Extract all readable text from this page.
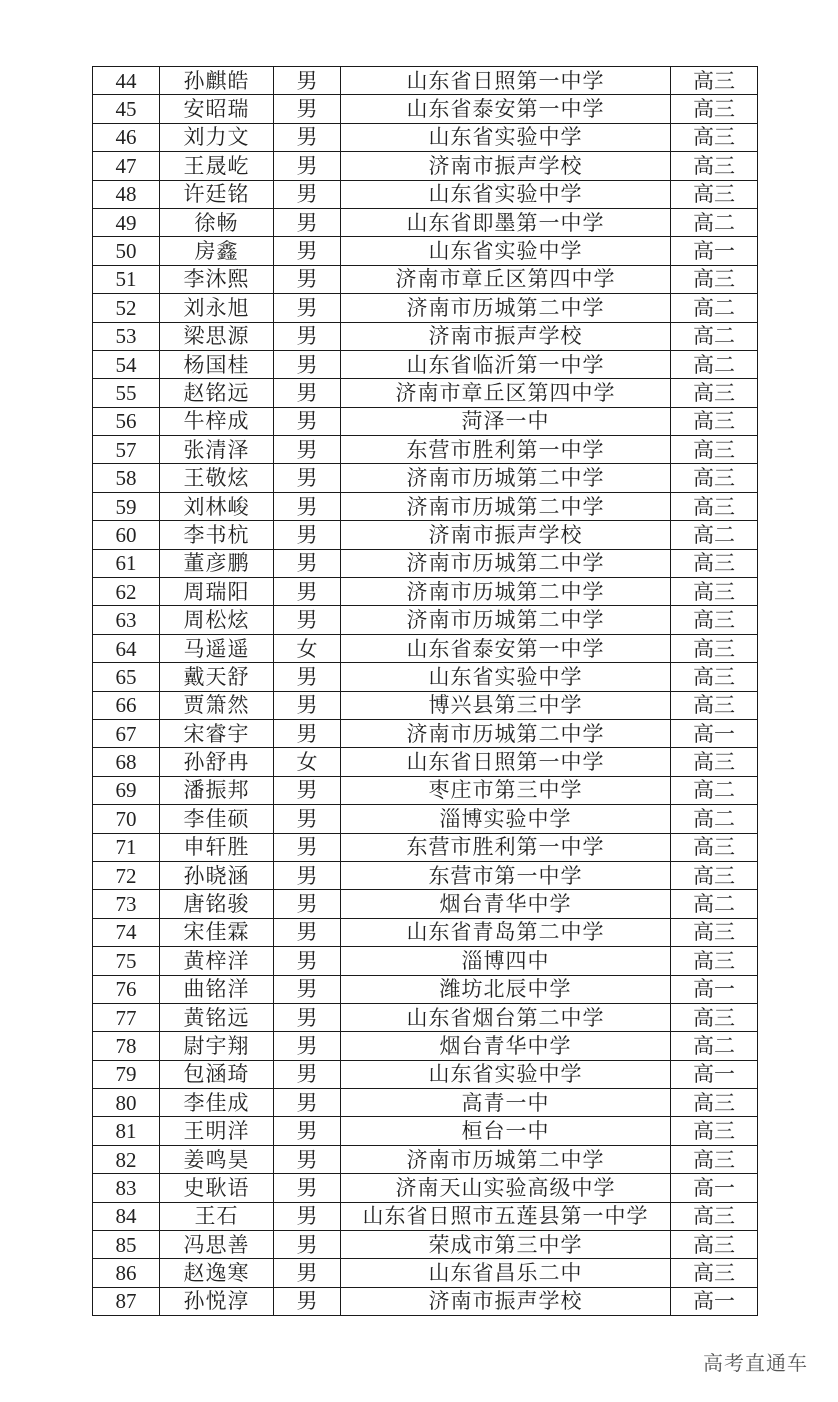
44	孙麒皓	男	山东省日照第一中学	高三
45	安昭瑞	男	山东省泰安第一中学	高三
46	刘力文	男	山东省实验中学	高三
47	王晟屹	男	济南市振声学校	高三
48	许廷铭	男	山东省实验中学	高三
49	徐畅	男	山东省即墨第一中学	高二
50	房鑫	男	山东省实验中学	高一
51	李沐熙	男	济南市章丘区第四中学	高三
52	刘永旭	男	济南市历城第二中学	高二
53	梁思源	男	济南市振声学校	高二
54	杨国桂	男	山东省临沂第一中学	高二
55	赵铭远	男	济南市章丘区第四中学	高三
56	牛梓成	男	菏泽一中	高三
57	张清泽	男	东营市胜利第一中学	高三
58	王敬炫	男	济南市历城第二中学	高三
59	刘林峻	男	济南市历城第二中学	高三
60	李书杭	男	济南市振声学校	高二
61	董彦鹏	男	济南市历城第二中学	高三
62	周瑞阳	男	济南市历城第二中学	高三
63	周松炫	男	济南市历城第二中学	高三
64	马遥遥	女	山东省泰安第一中学	高三
65	戴天舒	男	山东省实验中学	高三
66	贾箫然	男	博兴县第三中学	高三
67	宋睿宇	男	济南市历城第二中学	高一
68	孙舒冉	女	山东省日照第一中学	高三
69	潘振邦	男	枣庄市第三中学	高二
70	李佳硕	男	淄博实验中学	高二
71	申轩胜	男	东营市胜利第一中学	高三
72	孙晓涵	男	东营市第一中学	高三
73	唐铭骏	男	烟台青华中学	高二
74	宋佳霖	男	山东省青岛第二中学	高三
75	黄梓洋	男	淄博四中	高三
76	曲铭洋	男	潍坊北辰中学	高一
77	黄铭远	男	山东省烟台第二中学	高三
78	尉宇翔	男	烟台青华中学	高二
79	包涵琦	男	山东省实验中学	高一
80	李佳成	男	高青一中	高三
81	王明洋	男	桓台一中	高三
82	姜鸣昊	男	济南市历城第二中学	高三
83	史耿语	男	济南天山实验高级中学	高一
84	王石	男	山东省日照市五莲县第一中学	高三
85	冯思善	男	荣成市第三中学	高三
86	赵逸寒	男	山东省昌乐二中	高三
87	孙悦淳	男	济南市振声学校	高一
高考直通车
